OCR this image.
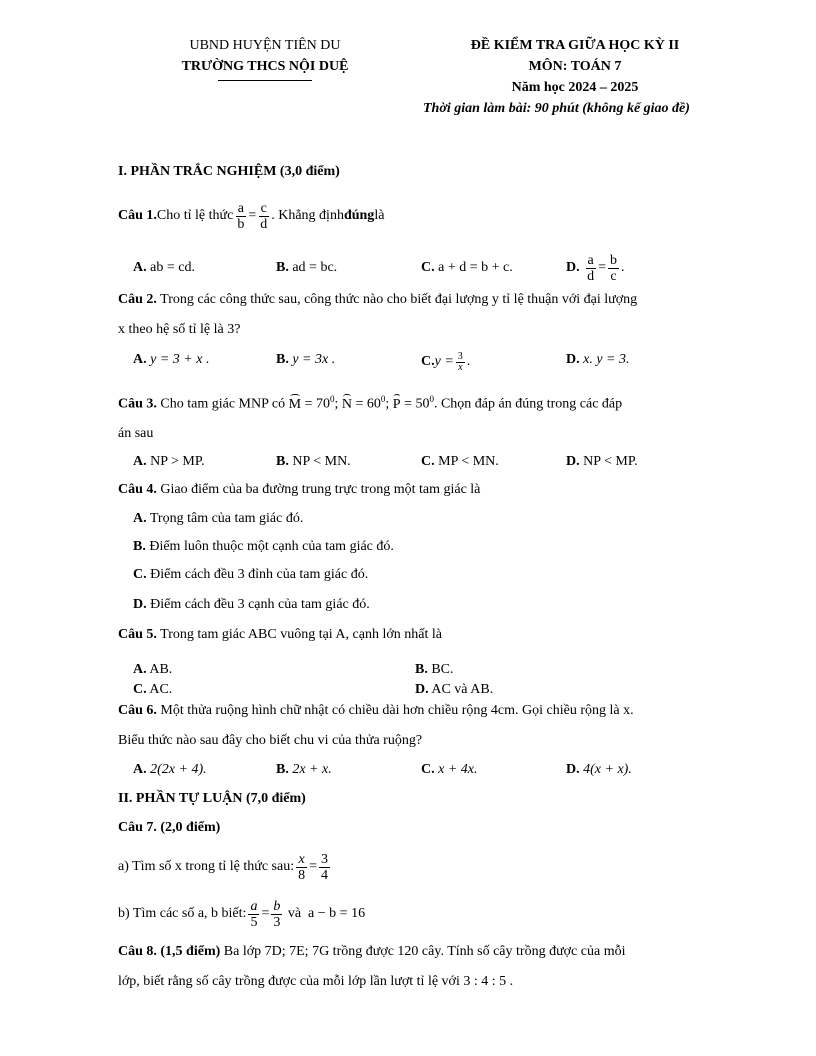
UBND HUYỆN TIÊN DU
TRƯỜNG THCS NỘI DUỆ
ĐỀ KIỂM TRA GIỮA HỌC KỲ II
MÔN: TOÁN 7
Năm học 2024 – 2025
Thời gian làm bài: 90 phút (không kể giao đề)
I. PHẦN TRẮC NGHIỆM (3,0 điểm)
Câu 1. Cho tỉ lệ thức $\frac{a}{b} = \frac{c}{d}$ . Khẳng định đúng là
A. ab = cd.	B. ad = bc.	C. a + d = b + c.	D.
$\frac{a}{d} = \frac{b}{c}$ .
Câu 2. Trong các công thức sau, công thức nào cho biết đại lượng y tỉ lệ thuận với đại lượng
x theo hệ số tỉ lệ là 3?
A. y = 3 + x .	B. y = 3x .	C. $y = \frac{3}{x}$ .	D. x. y = 3.
Câu 3. Cho tam giác MNP có $M = 70^0$; $N = 60^0$; $P = 50^0$. Chọn đáp án đúng trong các đáp
án sau
A. NP > MP.	B. NP < MN.	C. MP < MN.	D. NP < MP.
Câu 4. Giao điểm của ba đường trung trực trong một tam giác là
A. Trọng tâm của tam giác đó.
B. Điểm luôn thuộc một cạnh của tam giác đó.
C. Điểm cách đều 3 đỉnh của tam giác đó.
D. Điểm cách đều 3 cạnh của tam giác đó.
Câu 5. Trong tam giác ABC vuông tại A, cạnh lớn nhất là
A. AB.	B. BC.
C. AC.	D. AC và AB.
Câu 6. Một thửa ruộng hình chữ nhật có chiều dài hơn chiều rộng 4cm. Gọi chiều rộng là x.
Biểu thức nào sau đây cho biết chu vi của thửa ruộng?
A. 2(2x + 4).	B. 2x + x.	C. x + 4x.	D. 4(x + x).
II. PHẦN TỰ LUẬN (7,0 điểm)
Câu 7. (2,0 điểm)
a) Tìm số x trong tỉ lệ thức sau: $\frac{x}{8} = \frac{3}{4}$
b) Tìm các số a, b biết: $\frac{a}{5} = \frac{b}{3}$ và  a − b = 16
Câu 8. (1,5 điểm) Ba lớp 7D; 7E; 7G trồng được 120 cây. Tính số cây trồng được của mỗi
lớp, biết rằng số cây trồng được của mỗi lớp lần lượt tỉ lệ với 3 : 4 : 5 .
